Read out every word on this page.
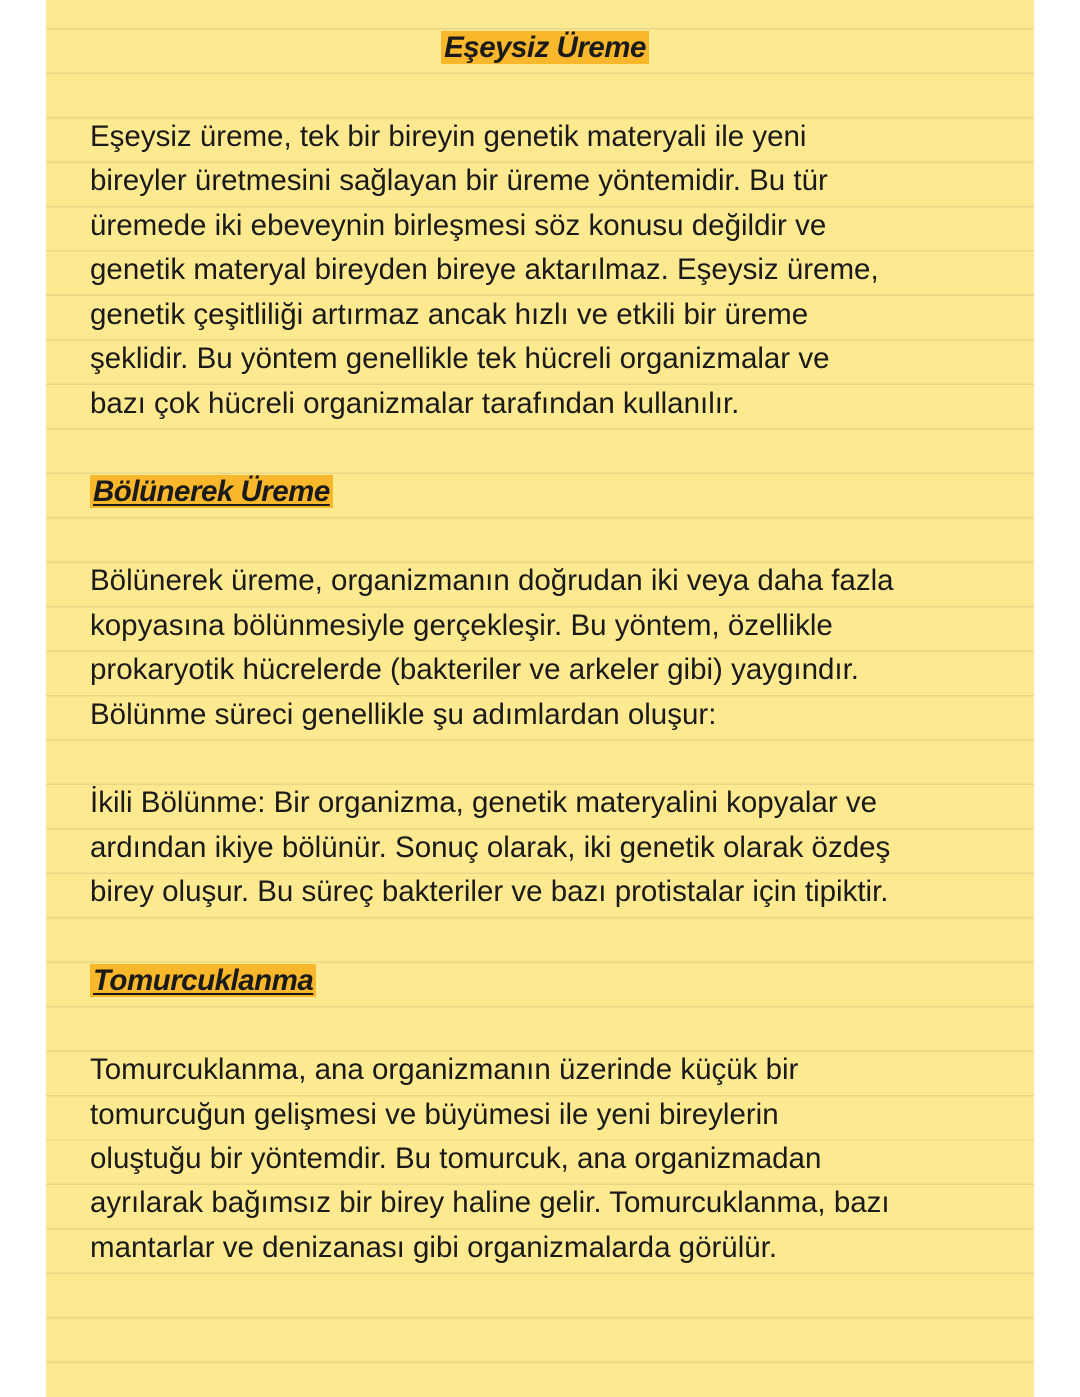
Eşeysiz Üreme

Eşeysiz üreme, tek bir bireyin genetik materyali ile yeni
bireyler üretmesini sağlayan bir üreme yöntemidir. Bu tür
üremede iki ebeveynin birleşmesi söz konusu değildir ve
genetik materyal bireyden bireye aktarılmaz. Eşeysiz üreme,
genetik çeşitliliği artırmaz ancak hızlı ve etkili bir üreme
şeklidir. Bu yöntem genellikle tek hücreli organizmalar ve
bazı çok hücreli organizmalar tarafından kullanılır.

Bölünerek Üreme

Bölünerek üreme, organizmanın doğrudan iki veya daha fazla
kopyasına bölünmesiyle gerçekleşir. Bu yöntem, özellikle
prokaryotik hücrelerde (bakteriler ve arkeler gibi) yaygındır.
Bölünme süreci genellikle şu adımlardan oluşur:

İkili Bölünme: Bir organizma, genetik materyalini kopyalar ve
ardından ikiye bölünür. Sonuç olarak, iki genetik olarak özdeş
birey oluşur. Bu süreç bakteriler ve bazı protistalar için tipiktir.

Tomurcuklanma

Tomurcuklanma, ana organizmanın üzerinde küçük bir
tomurcuğun gelişmesi ve büyümesi ile yeni bireylerin
oluştuğu bir yöntemdir. Bu tomurcuk, ana organizmadan
ayrılarak bağımsız bir birey haline gelir. Tomurcuklanma, bazı
mantarlar ve denizanası gibi organizmalarda görülür.
